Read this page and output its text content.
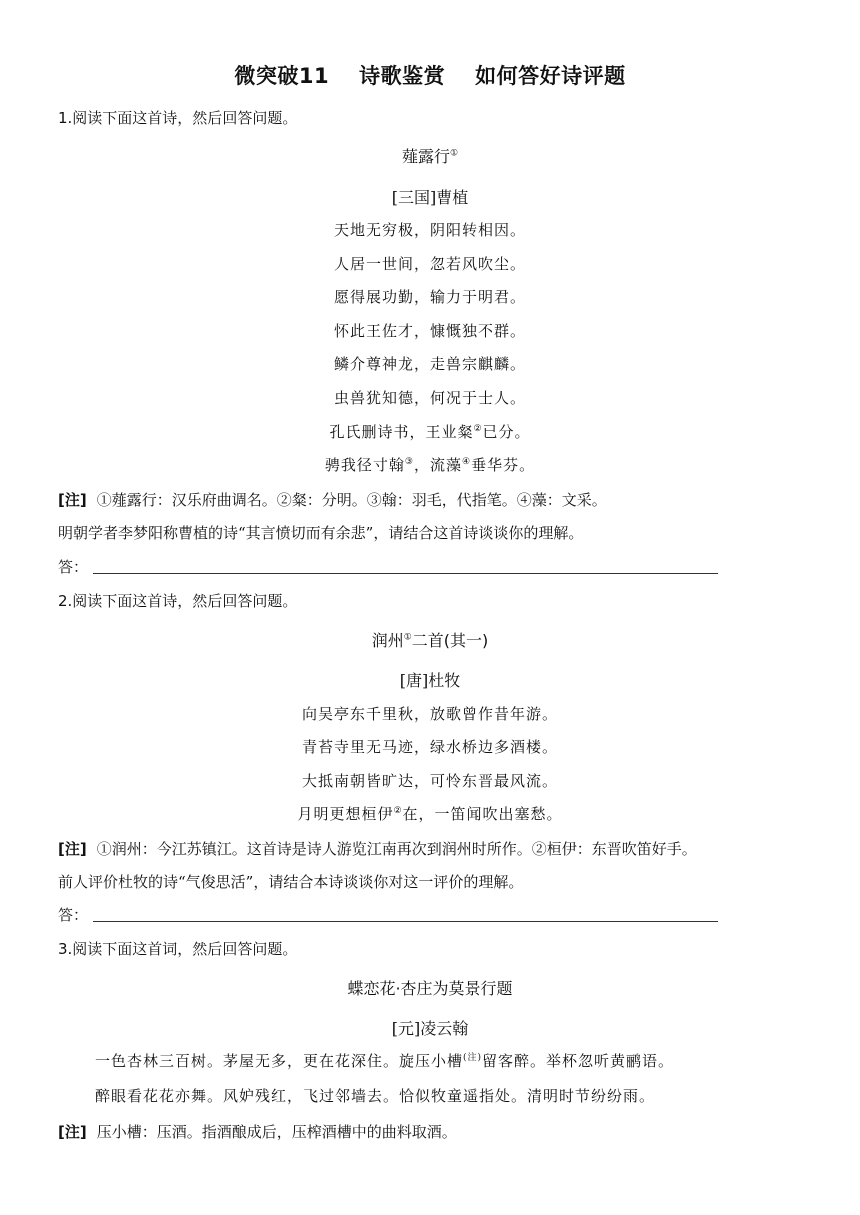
微突破11 诗歌鉴赏 如何答好诗评题
1.阅读下面这首诗，然后回答问题。
薤露行①
[三国]曹植
天地无穷极，阴阳转相因。
人居一世间，忽若风吹尘。
愿得展功勤，输力于明君。
怀此王佐才，慷慨独不群。
鳞介尊神龙，走兽宗麒麟。
虫兽犹知德，何况于士人。
孔氏删诗书，王业粲②已分。
骋我径寸翰③，流藻④垂华芬。
[注] ①薤露行：汉乐府曲调名。②粲：分明。③翰：羽毛，代指笔。④藻：文采。
明朝学者李梦阳称曹植的诗“其言愤切而有余悲”，请结合这首诗谈谈你的理解。
答：
2.阅读下面这首诗，然后回答问题。
润州①二首(其一)
[唐]杜牧
向吴亭东千里秋，放歌曾作昔年游。
青苔寺里无马迹，绿水桥边多酒楼。
大抵南朝皆旷达，可怜东晋最风流。
月明更想桓伊②在，一笛闻吹出塞愁。
[注] ①润州：今江苏镇江。这首诗是诗人游览江南再次到润州时所作。②桓伊：东晋吹笛好手。
前人评价杜牧的诗“气俊思活”，请结合本诗谈谈你对这一评价的理解。
答：
3.阅读下面这首词，然后回答问题。
蝶恋花·杏庄为莫景行题
[元]凌云翰
一色杏林三百树。茅屋无多，更在花深住。旋压小槽$^{(注)}$留客醉。举杯忽听黄鹂语。
醉眼看花花亦舞。风妒残红，飞过邻墙去。恰似牧童遥指处。清明时节纷纷雨。
[注] 压小槽：压酒。指酒酿成后，压榨酒槽中的曲料取酒。
